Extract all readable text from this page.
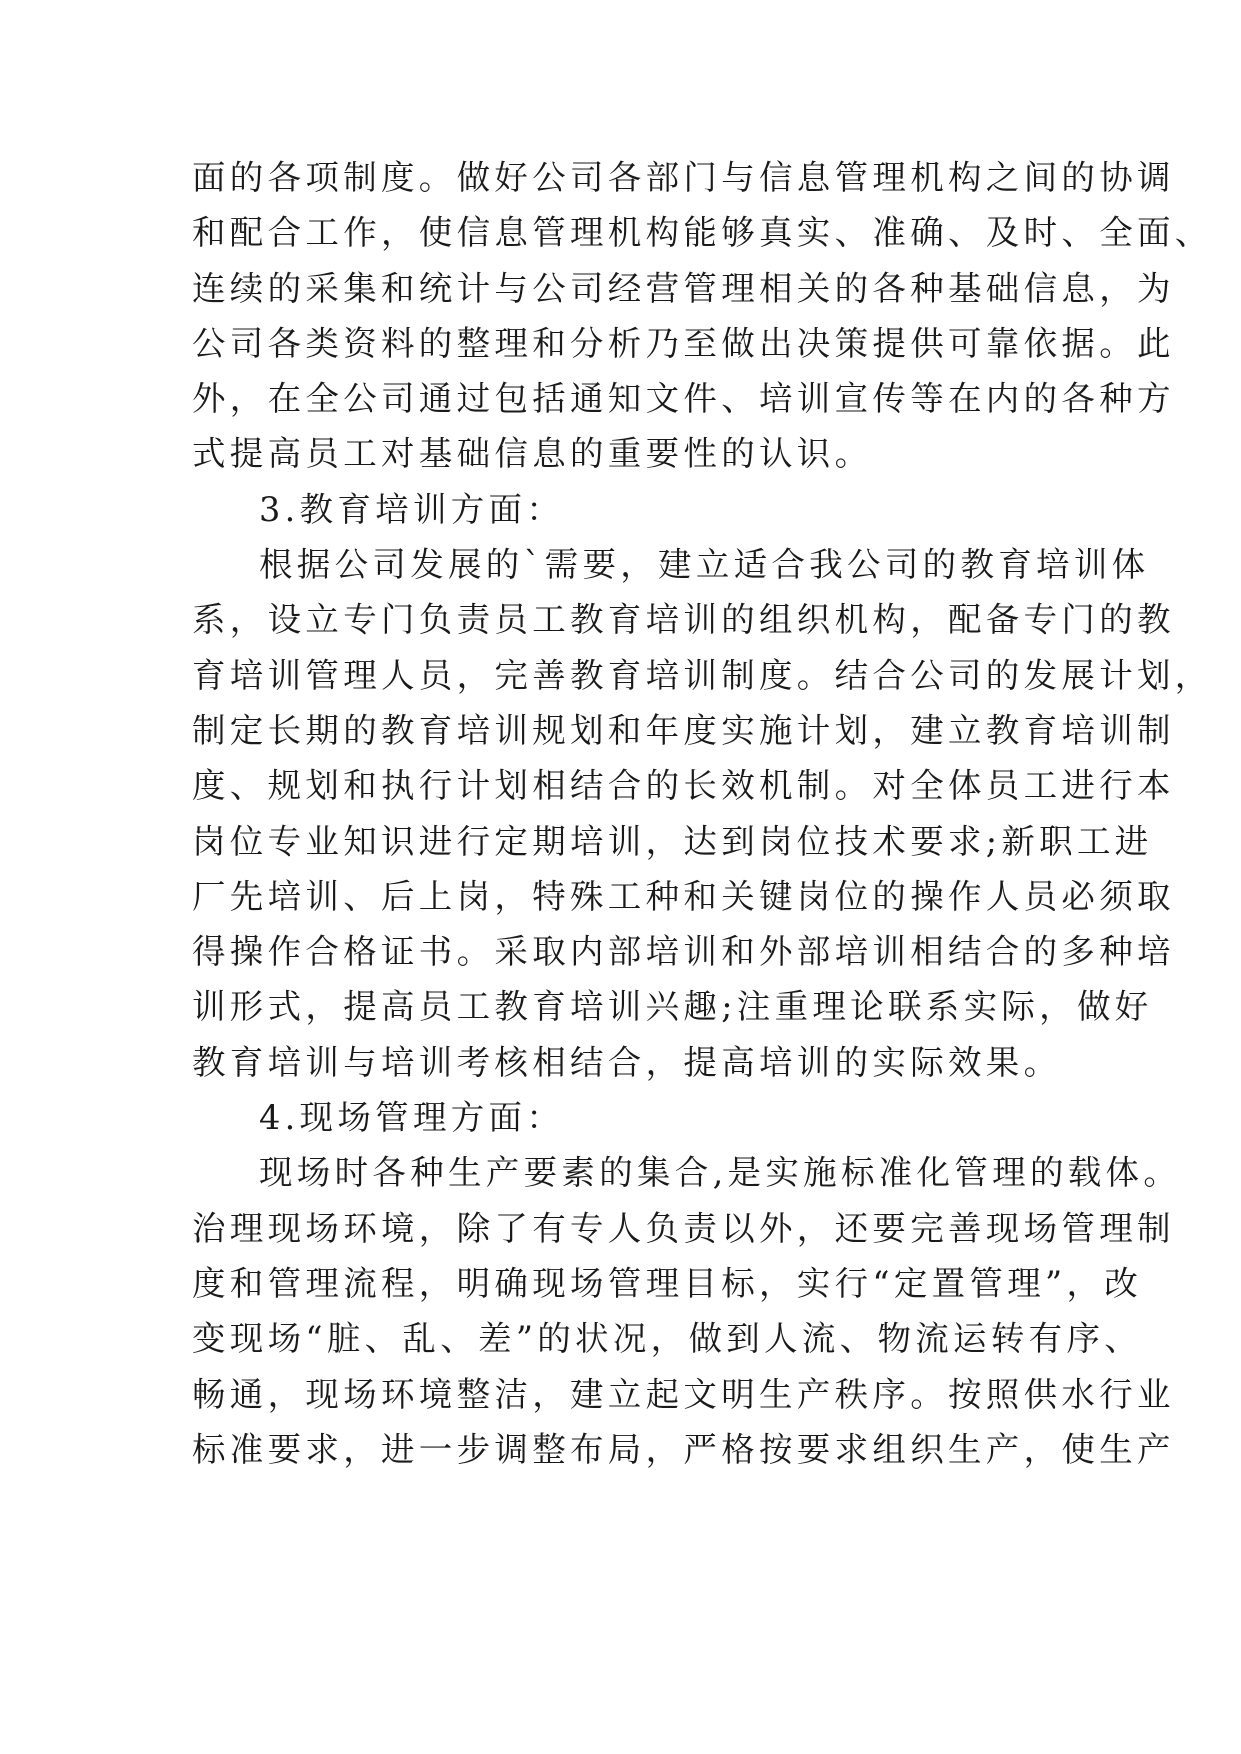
面的各项制度。做好公司各部门与信息管理机构之间的协调
和配合工作，使信息管理机构能够真实、准确、及时、全面、
连续的采集和统计与公司经营管理相关的各种基础信息，为
公司各类资料的整理和分析乃至做出决策提供可靠依据。此
外，在全公司通过包括通知文件、培训宣传等在内的各种方
式提高员工对基础信息的重要性的认识。
3.教育培训方面：
根据公司发展的`需要，建立适合我公司的教育培训体
系，设立专门负责员工教育培训的组织机构，配备专门的教
育培训管理人员，完善教育培训制度。结合公司的发展计划，
制定长期的教育培训规划和年度实施计划，建立教育培训制
度、规划和执行计划相结合的长效机制。对全体员工进行本
岗位专业知识进行定期培训，达到岗位技术要求;新职工进
厂先培训、后上岗，特殊工种和关键岗位的操作人员必须取
得操作合格证书。采取内部培训和外部培训相结合的多种培
训形式，提高员工教育培训兴趣;注重理论联系实际，做好
教育培训与培训考核相结合，提高培训的实际效果。
4.现场管理方面：
现场时各种生产要素的集合,是实施标准化管理的载体。
治理现场环境，除了有专人负责以外，还要完善现场管理制
度和管理流程，明确现场管理目标，实行“定置管理”，改
变现场“脏、乱、差”的状况，做到人流、物流运转有序、
畅通，现场环境整洁，建立起文明生产秩序。按照供水行业
标准要求，进一步调整布局，严格按要求组织生产，使生产
